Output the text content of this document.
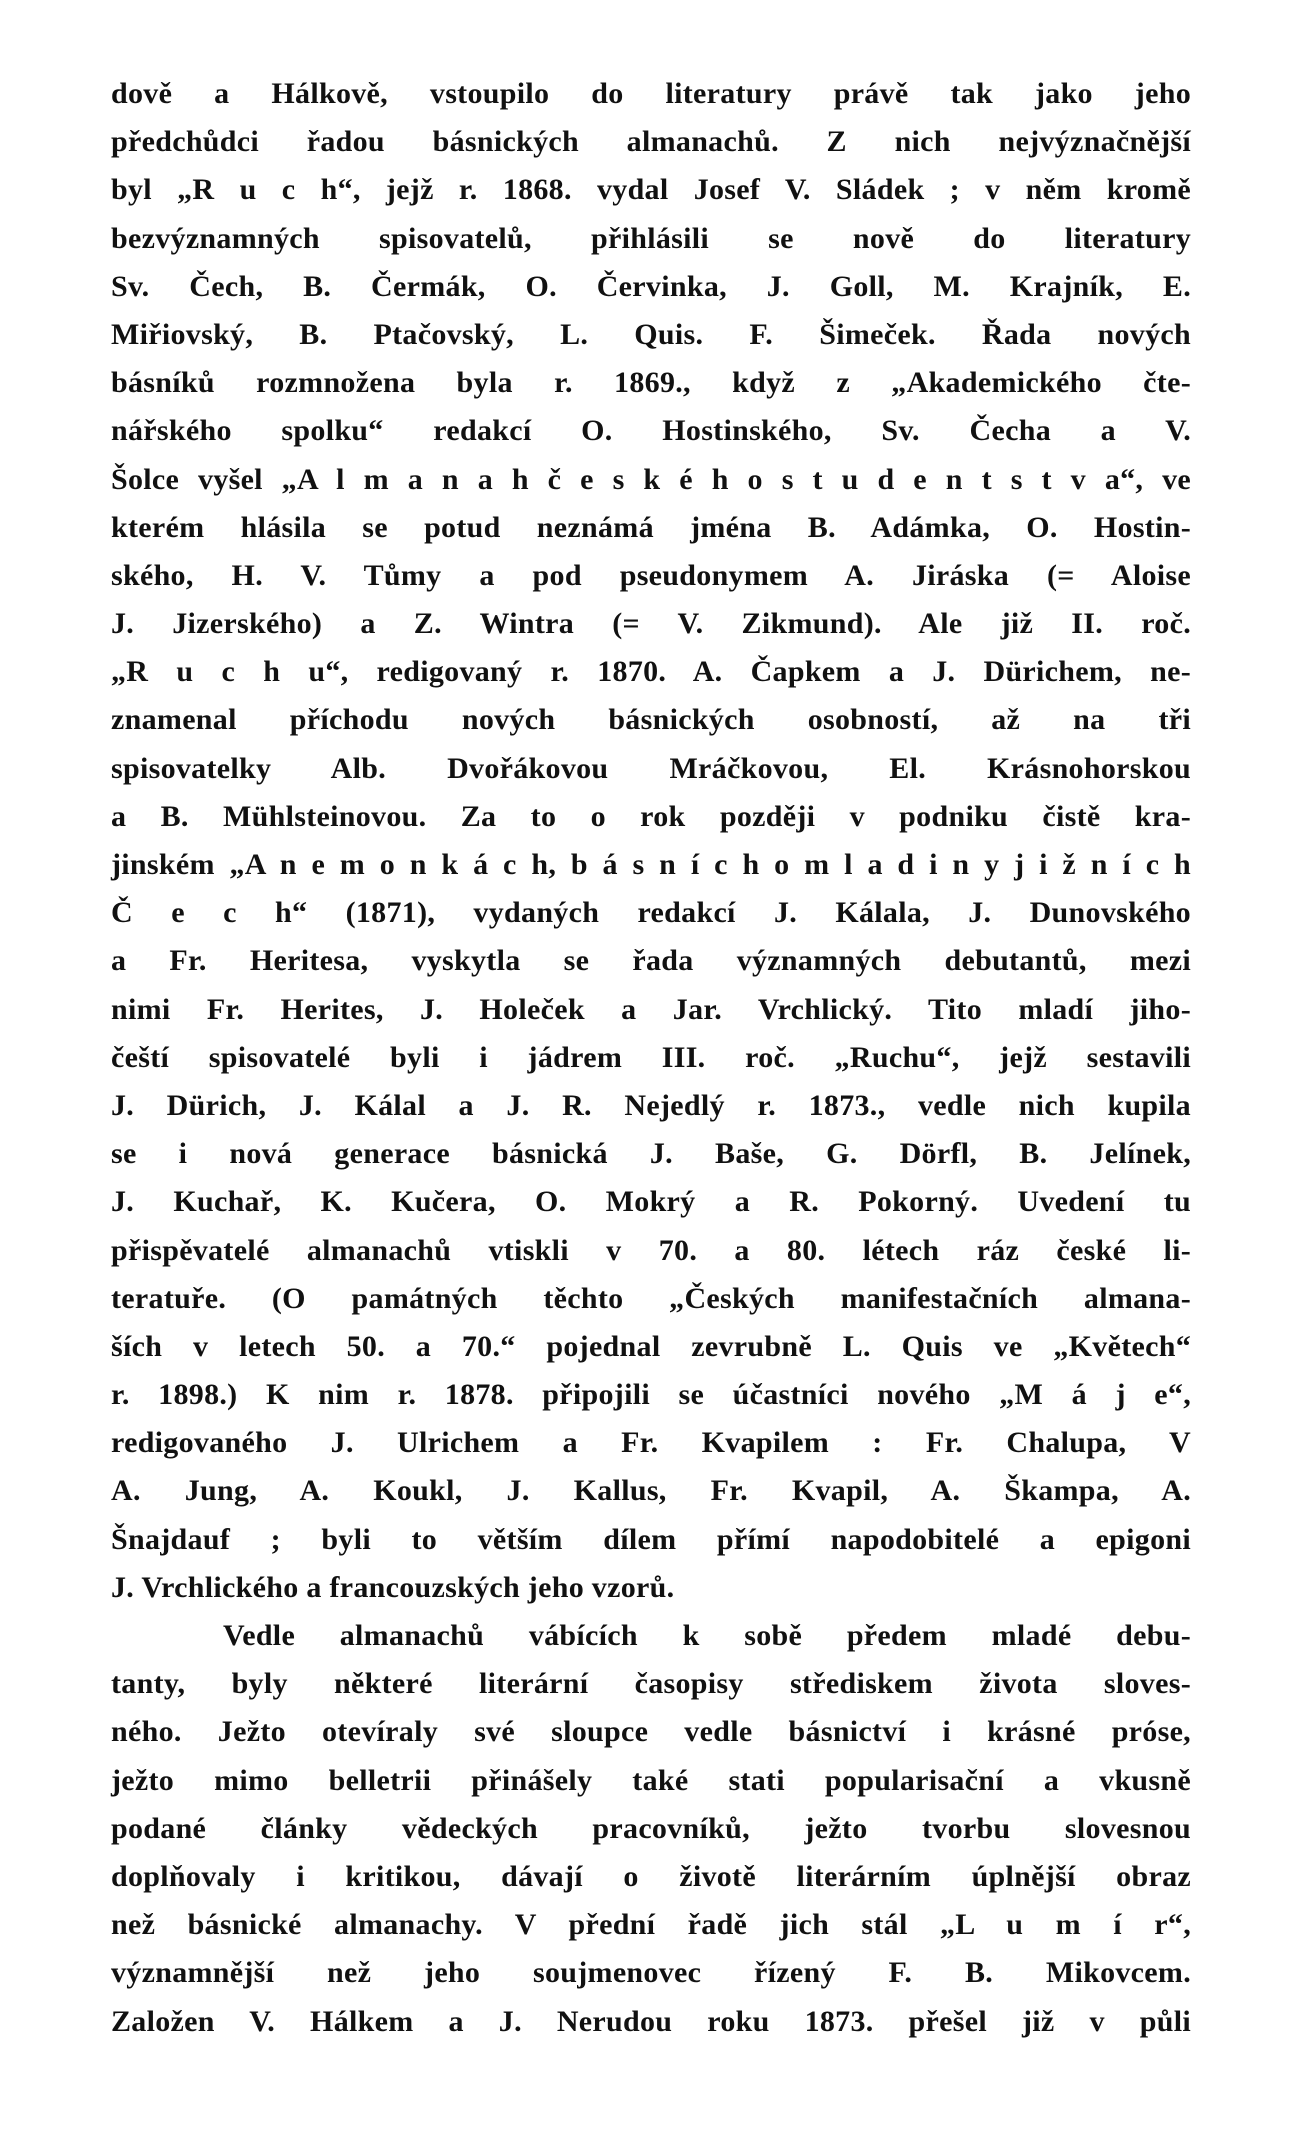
dově a Hálkově, vstoupilo do literatury právě tak jako jeho
předchůdci řadou básnických almanachů. Z nich nejvýznačnější
byl „R u c h“, jejž r. 1868. vydal Josef V. Sládek ; v něm kromě
bezvýznamných spisovatelů, přihlásili se nově do literatury
Sv. Čech, B. Čermák, O. Červinka, J. Goll, M. Krajník, E.
Miřiovský, B. Ptačovský, L. Quis. F. Šimeček. Řada nových
básníků rozmnožena byla r. 1869., když z „Akademického čte-
nářského spolku“ redakcí O. Hostinského, Sv. Čecha a V.
Šolce vyšel „A l m a n a h č e s k é h o s t u d e n t s t v a“, ve
kterém hlásila se potud neznámá jména B. Adámka, O. Hostin-
ského, H. V. Tůmy a pod pseudonymem A. Jiráska (= Aloise
J. Jizerského) a Z. Wintra (= V. Zikmund). Ale již II. roč.
„R u c h u“, redigovaný r. 1870. A. Čapkem a J. Dürichem, ne-
znamenal příchodu nových básnických osobností, až na tři
spisovatelky Alb. Dvořákovou Mráčkovou, El. Krásnohorskou
a B. Mühlsteinovou. Za to o rok později v podniku čistě kra-
jinském „A n e m o n k á c h, b á s n í c h o m l a d i n y j i ž n í c h
Č e c h“ (1871), vydaných redakcí J. Kálala, J. Dunovského
a Fr. Heritesa, vyskytla se řada významných debutantů, mezi
nimi Fr. Herites, J. Holeček a Jar. Vrchlický. Tito mladí jiho-
čeští spisovatelé byli i jádrem III. roč. „Ruchu“, jejž sestavili
J. Dürich, J. Kálal a J. R. Nejedlý r. 1873., vedle nich kupila
se i nová generace básnická J. Baše, G. Dörfl, B. Jelínek,
J. Kuchař, K. Kučera, O. Mokrý a R. Pokorný. Uvedení tu
přispěvatelé almanachů vtiskli v 70. a 80. létech ráz české li-
teratuře. (O památných těchto „Českých manifestačních almana-
ších v letech 50. a 70.“ pojednal zevrubně L. Quis ve „Květech“
r. 1898.) K nim r. 1878. připojili se účastníci nového „M á j e“,
redigovaného J. Ulrichem a Fr. Kvapilem : Fr. Chalupa, V
A. Jung, A. Koukl, J. Kallus, Fr. Kvapil, A. Škampa, A.
Šnajdauf ; byli to větším dílem přímí napodobitelé a epigoni
J. Vrchlického a francouzských jeho vzorů.
Vedle almanachů vábících k sobě předem mladé debu-
tanty, byly některé literární časopisy střediskem života sloves-
ného. Ježto otevíraly své sloupce vedle básnictví i krásné próse,
ježto mimo belletrii přinášely také stati popularisační a vkusně
podané články vědeckých pracovníků, ježto tvorbu slovesnou
doplňovaly i kritikou, dávají o životě literárním úplnější obraz
než básnické almanachy. V přední řadě jich stál „L u m í r“,
významnější než jeho soujmenovec řízený F. B. Mikovcem.
Založen V. Hálkem a J. Nerudou roku 1873. přešel již v půli
